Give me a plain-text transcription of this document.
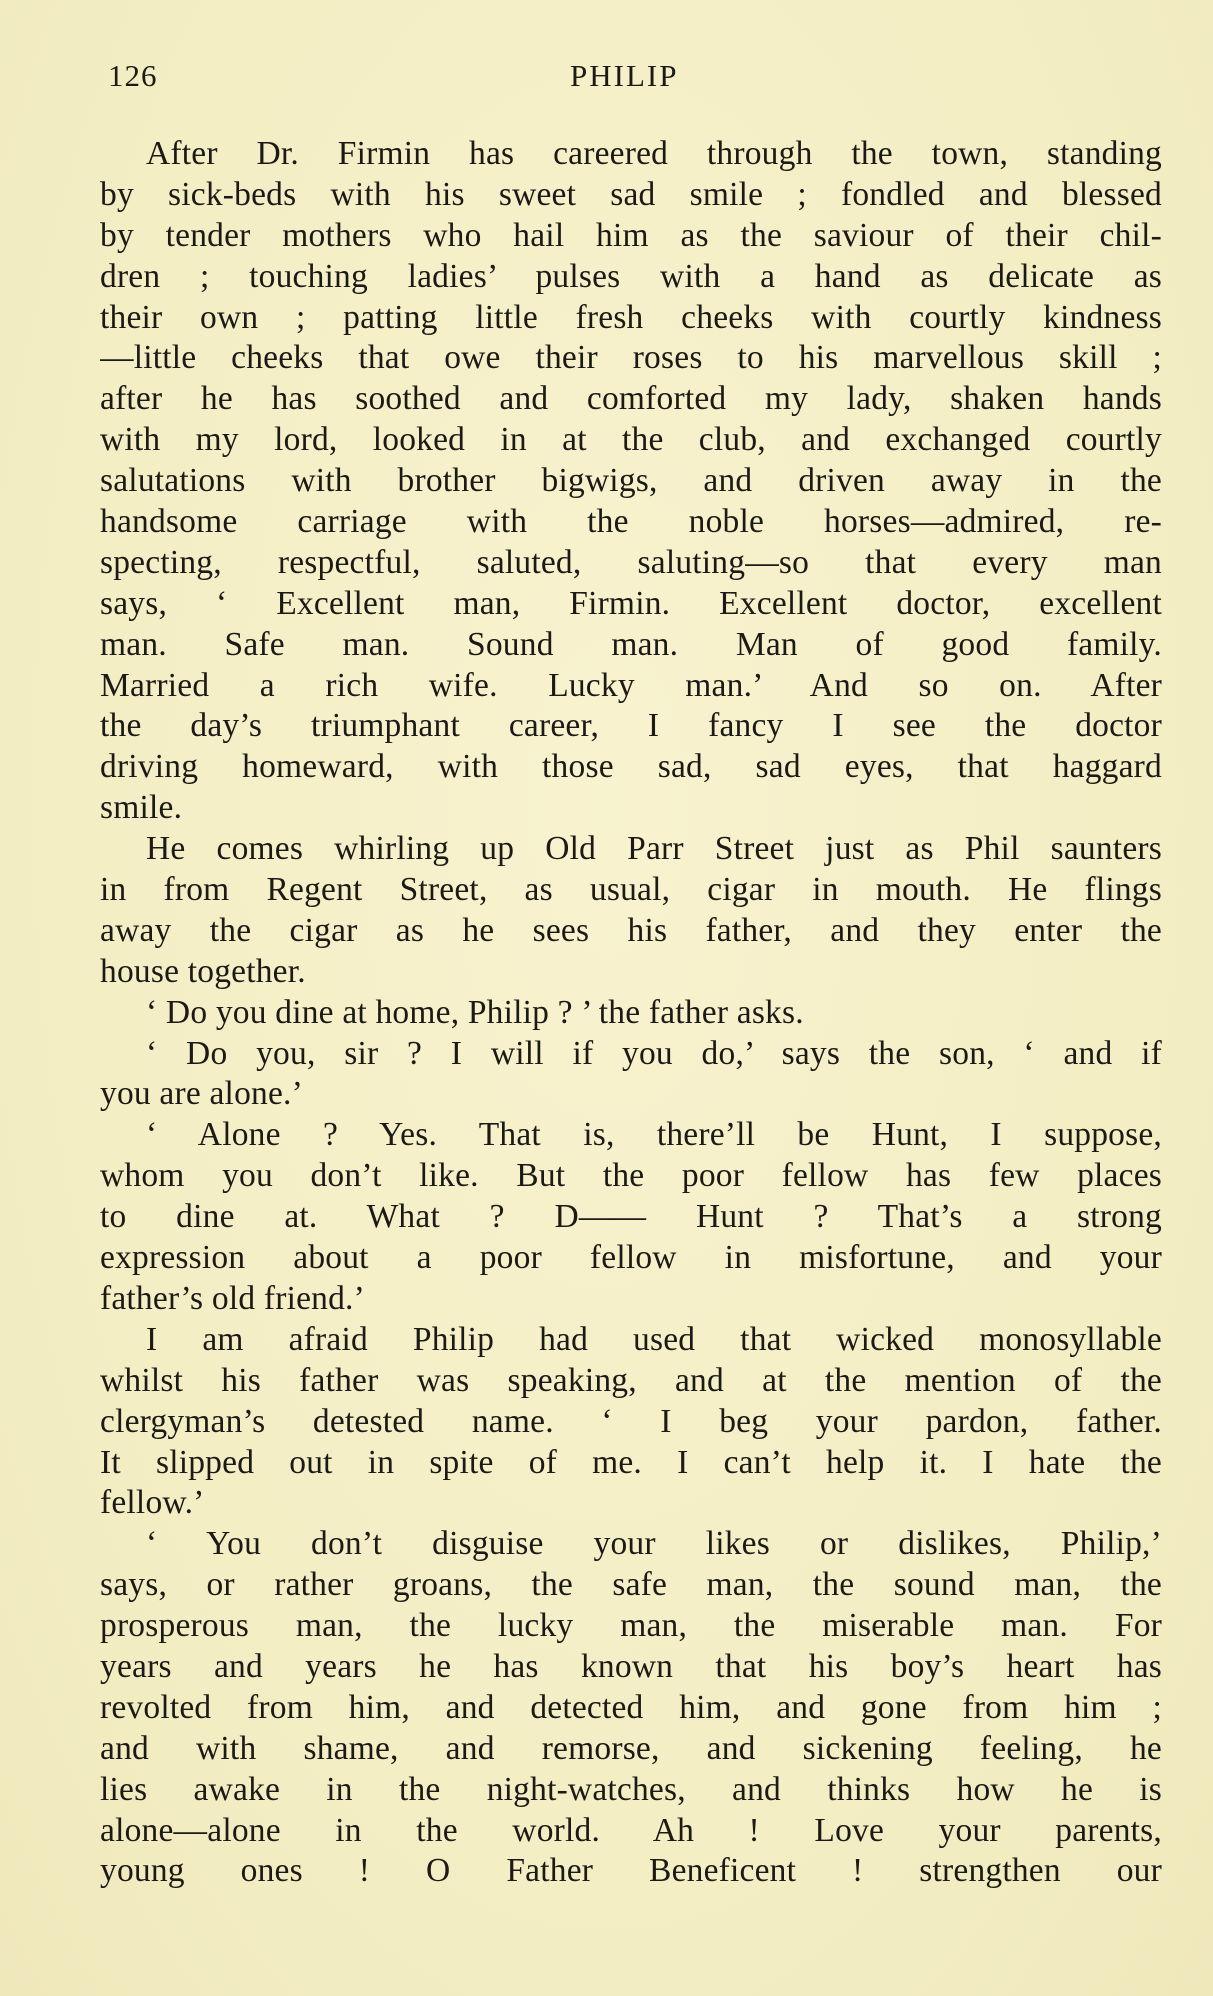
126	PHILIP
After Dr. Firmin has careered through the town, standing
by sick-beds with his sweet sad smile ; fondled and blessed
by tender mothers who hail him as the saviour of their chil-
dren ; touching ladies’ pulses with a hand as delicate as
their own ; patting little fresh cheeks with courtly kindness
—little cheeks that owe their roses to his marvellous skill ;
after he has soothed and comforted my lady, shaken hands
with my lord, looked in at the club, and exchanged courtly
salutations with brother bigwigs, and driven away in the
handsome carriage with the noble horses—admired, re-
specting, respectful, saluted, saluting—so that every man
says, ‘ Excellent man, Firmin. Excellent doctor, excellent
man. Safe man. Sound man. Man of good family.
Married a rich wife. Lucky man.’ And so on. After
the day’s triumphant career, I fancy I see the doctor
driving homeward, with those sad, sad eyes, that haggard
smile.
He comes whirling up Old Parr Street just as Phil saunters
in from Regent Street, as usual, cigar in mouth. He flings
away the cigar as he sees his father, and they enter the
house together.
‘ Do you dine at home, Philip ? ’ the father asks.
‘ Do you, sir ? I will if you do,’ says the son, ‘ and if
you are alone.’
‘ Alone ? Yes. That is, there’ll be Hunt, I suppose,
whom you don’t like. But the poor fellow has few places
to dine at. What ? D—— Hunt ? That’s a strong
expression about a poor fellow in misfortune, and your
father’s old friend.’
I am afraid Philip had used that wicked monosyllable
whilst his father was speaking, and at the mention of the
clergyman’s detested name. ‘ I beg your pardon, father.
It slipped out in spite of me. I can’t help it. I hate the
fellow.’
‘ You don’t disguise your likes or dislikes, Philip,’
says, or rather groans, the safe man, the sound man, the
prosperous man, the lucky man, the miserable man. For
years and years he has known that his boy’s heart has
revolted from him, and detected him, and gone from him ;
and with shame, and remorse, and sickening feeling, he
lies awake in the night-watches, and thinks how he is
alone—alone in the world. Ah ! Love your parents,
young ones ! O Father Beneficent ! strengthen our
